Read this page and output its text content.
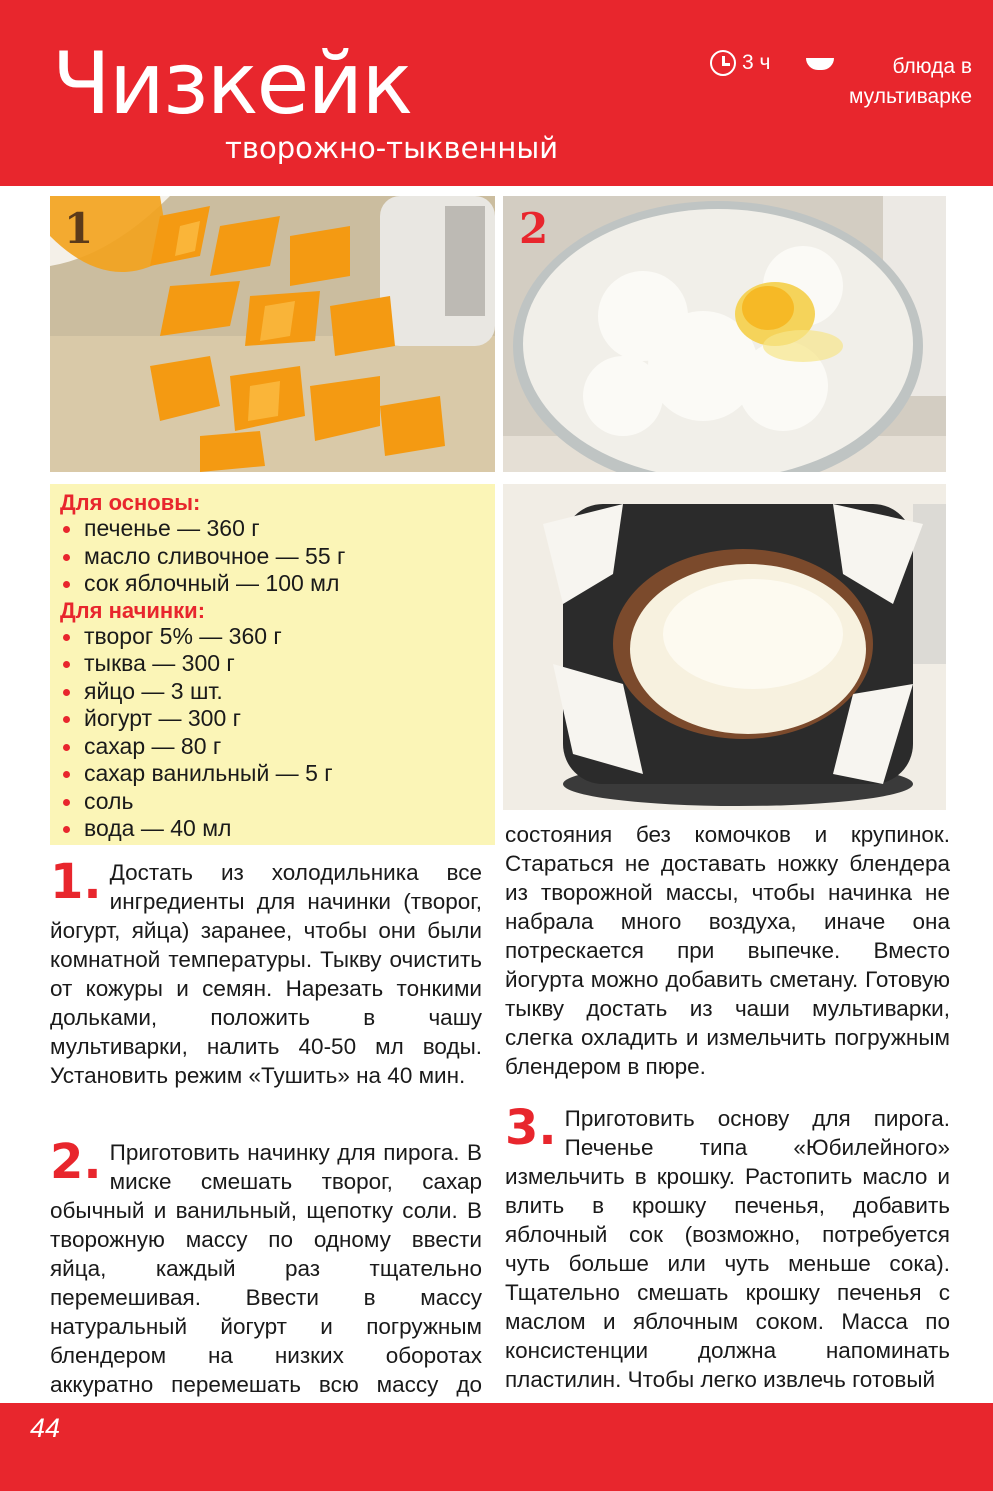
Чизкейк
творожно-тыквенный
3 ч	блюда в мультиварке
1	2
Для основы:
печенье — 360 г
масло сливочное — 55 г
сок яблочный — 100 мл
Для начинки:
творог 5% — 360 г
тыква — 300 г
яйцо — 3 шт.
йогурт — 300 г
сахар — 80 г
сахар ванильный — 5 г
соль
вода — 40 мл
1. Достать из холодильника все ингредиенты для начинки (творог, йогурт, яйца) заранее, чтобы они были комнатной температуры. Тыкву очистить от кожуры и семян. Нарезать тонкими дольками, положить в чашу мультиварки, налить 40-50 мл воды. Установить режим «Тушить» на 40 мин.
2. Приготовить начинку для пирога. В миске смешать творог, сахар обычный и ванильный, щепотку соли. В творожную массу по одному ввести яйца, каждый раз тщательно перемешивая. Ввести в массу натуральный йогурт и погружным блендером на низких оборотах аккуратно перемешать всю массу до
состояния без комочков и крупинок. Стараться не доставать ножку блендера из творожной массы, чтобы начинка не набрала много воздуха, иначе она потрескается при выпечке. Вместо йогурта можно добавить сметану. Готовую тыкву достать из чаши мультиварки, слегка охладить и измельчить погружным блендером в пюре.
3. Приготовить основу для пирога. Печенье типа «Юбилейного» измельчить в крошку. Растопить масло и влить в крошку печенья, добавить яблочный сок (возможно, потребуется чуть больше или чуть меньше сока). Тщательно смешать крошку печенья с маслом и яблочным соком. Масса по консистенции должна напоминать пластилин. Чтобы легко извлечь готовый
44
